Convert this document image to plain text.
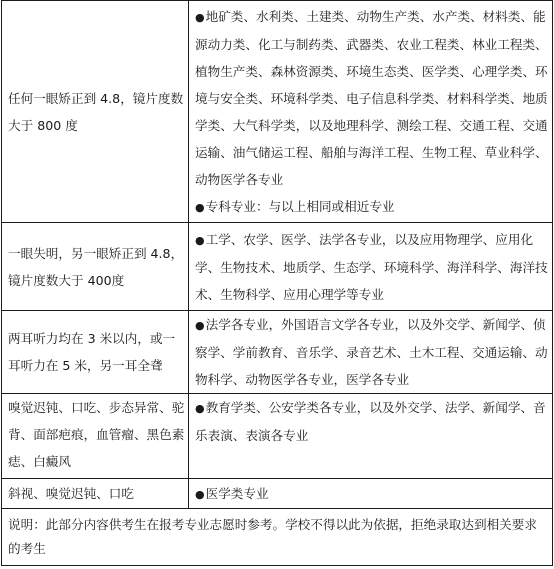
任何一眼矫正到 4.8，镜片度数大于 800 度	●地矿类、水利类、土建类、动物生产类、水产类、材料类、能源动力类、化工与制药类、武器类、农业工程类、林业工程类、植物生产类、森林资源类、环境生态类、医学类、心理学类、环境与安全类、环境科学类、电子信息科学类、材料科学类、地质学类、大气科学类，以及地理科学、测绘工程、交通工程、交通运输、油气储运工程、船舶与海洋工程、生物工程、草业科学、动物医学各专业
●专科专业：与以上相同或相近专业

一眼失明，另一眼矫正到 4.8，镜片度数大于 400度	●工学、农学、医学、法学各专业，以及应用物理学、应用化学、生物技术、地质学、生态学、环境科学、海洋科学、海洋技术、生物科学、应用心理学等专业

两耳听力均在 3 米以内，或一耳听力在 5 米，另一耳全聋	●法学各专业，外国语言文学各专业，以及外交学、新闻学、侦察学、学前教育、音乐学、录音艺术、土木工程、交通运输、动物科学、动物医学各专业，医学各专业

嗅觉迟钝、口吃、步态异常、驼背、面部疤痕，血管瘤、黑色素痣、白癜风	●教育学类、公安学类各专业，以及外交学、法学、新闻学、音乐表演、表演各专业

斜视、嗅觉迟钝、口吃	●医学类专业

说明：此部分内容供考生在报考专业志愿时参考。学校不得以此为依据，拒绝录取达到相关要求的考生	
